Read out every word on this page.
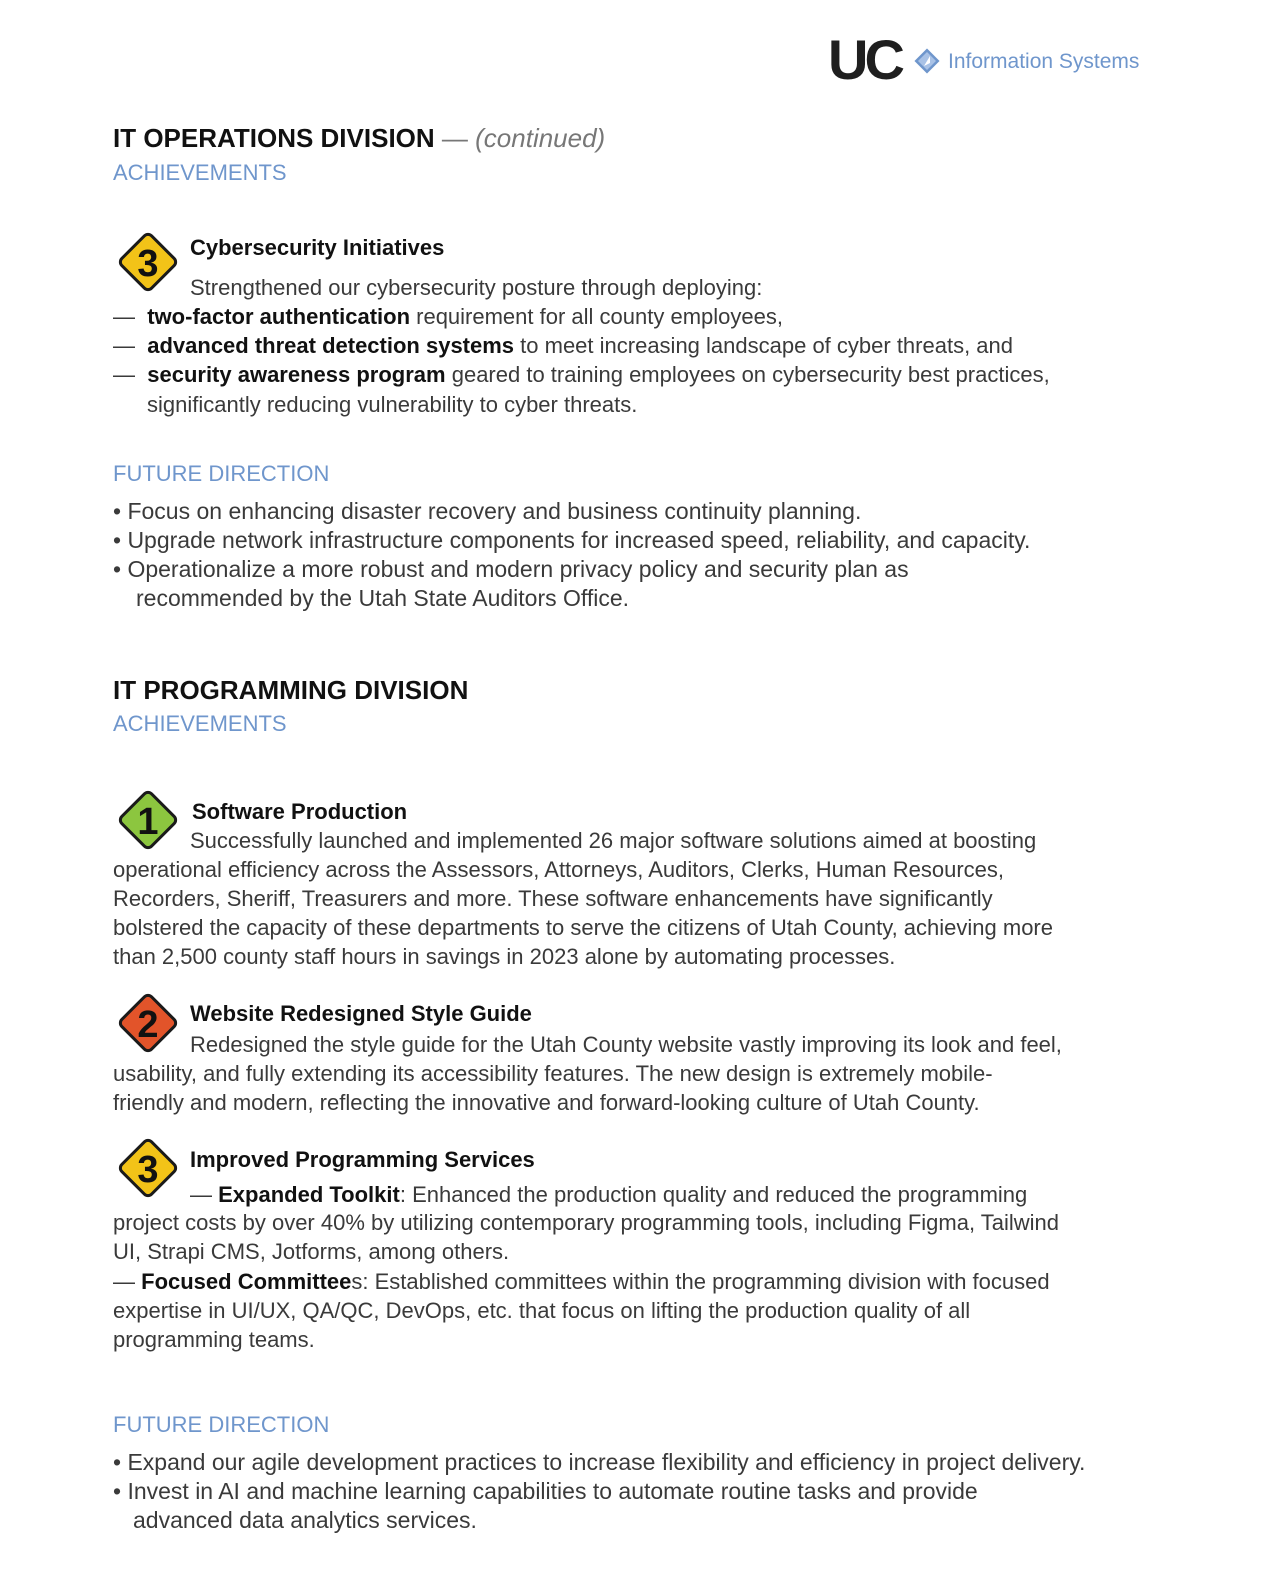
UC Information Systems
IT OPERATIONS DIVISION — (continued)
ACHIEVEMENTS
3 Cybersecurity Initiatives
Strengthened our cybersecurity posture through deploying:
— two-factor authentication requirement for all county employees,
— advanced threat detection systems to meet increasing landscape of cyber threats, and
— security awareness program geared to training employees on cybersecurity best practices,
significantly reducing vulnerability to cyber threats.
FUTURE DIRECTION
• Focus on enhancing disaster recovery and business continuity planning.
• Upgrade network infrastructure components for increased speed, reliability, and capacity.
• Operationalize a more robust and modern privacy policy and security plan as
recommended by the Utah State Auditors Office.
IT PROGRAMMING DIVISION
ACHIEVEMENTS
1 Software Production
Successfully launched and implemented 26 major software solutions aimed at boosting
operational efficiency across the Assessors, Attorneys, Auditors, Clerks, Human Resources,
Recorders, Sheriff, Treasurers and more. These software enhancements have significantly
bolstered the capacity of these departments to serve the citizens of Utah County, achieving more
than 2,500 county staff hours in savings in 2023 alone by automating processes.
2 Website Redesigned Style Guide
Redesigned the style guide for the Utah County website vastly improving its look and feel,
usability, and fully extending its accessibility features. The new design is extremely mobile-
friendly and modern, reflecting the innovative and forward-looking culture of Utah County.
3 Improved Programming Services
— Expanded Toolkit: Enhanced the production quality and reduced the programming
project costs by over 40% by utilizing contemporary programming tools, including Figma, Tailwind
UI, Strapi CMS, Jotforms, among others.
— Focused Committees: Established committees within the programming division with focused
expertise in UI/UX, QA/QC, DevOps, etc. that focus on lifting the production quality of all
programming teams.
FUTURE DIRECTION
• Expand our agile development practices to increase flexibility and efficiency in project delivery.
• Invest in AI and machine learning capabilities to automate routine tasks and provide
advanced data analytics services.
